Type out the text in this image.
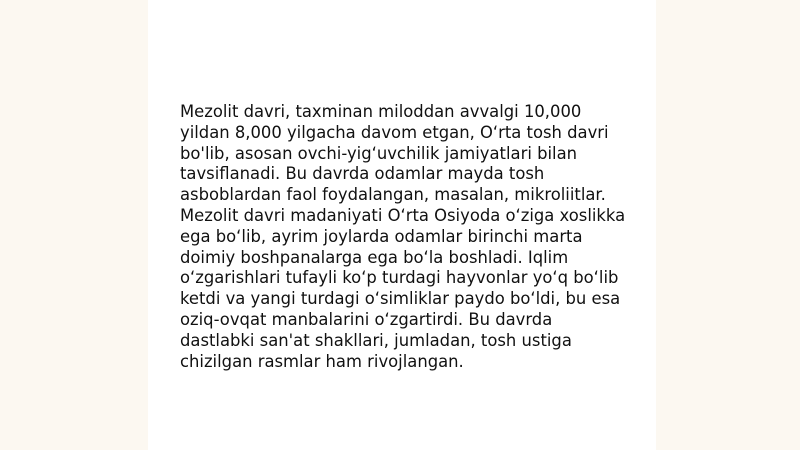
Mezolit davri, taxminan miloddan avvalgi 10,000
yildan 8,000 yilgacha davom etgan, O‘rta tosh davri
bo'lib, asosan ovchi-yig‘uvchilik jamiyatlari bilan
tavsiflanadi. Bu davrda odamlar mayda tosh
asboblardan faol foydalangan, masalan, mikroliitlar.
Mezolit davri madaniyati O‘rta Osiyoda o‘ziga xoslikka
ega bo‘lib, ayrim joylarda odamlar birinchi marta
doimiy boshpanalarga ega bo‘la boshladi. Iqlim
o‘zgarishlari tufayli ko‘p turdagi hayvonlar yo‘q bo‘lib
ketdi va yangi turdagi o‘simliklar paydo bo‘ldi, bu esa
oziq-ovqat manbalarini o‘zgartirdi. Bu davrda
dastlabki san'at shakllari, jumladan, tosh ustiga
chizilgan rasmlar ham rivojlangan.
